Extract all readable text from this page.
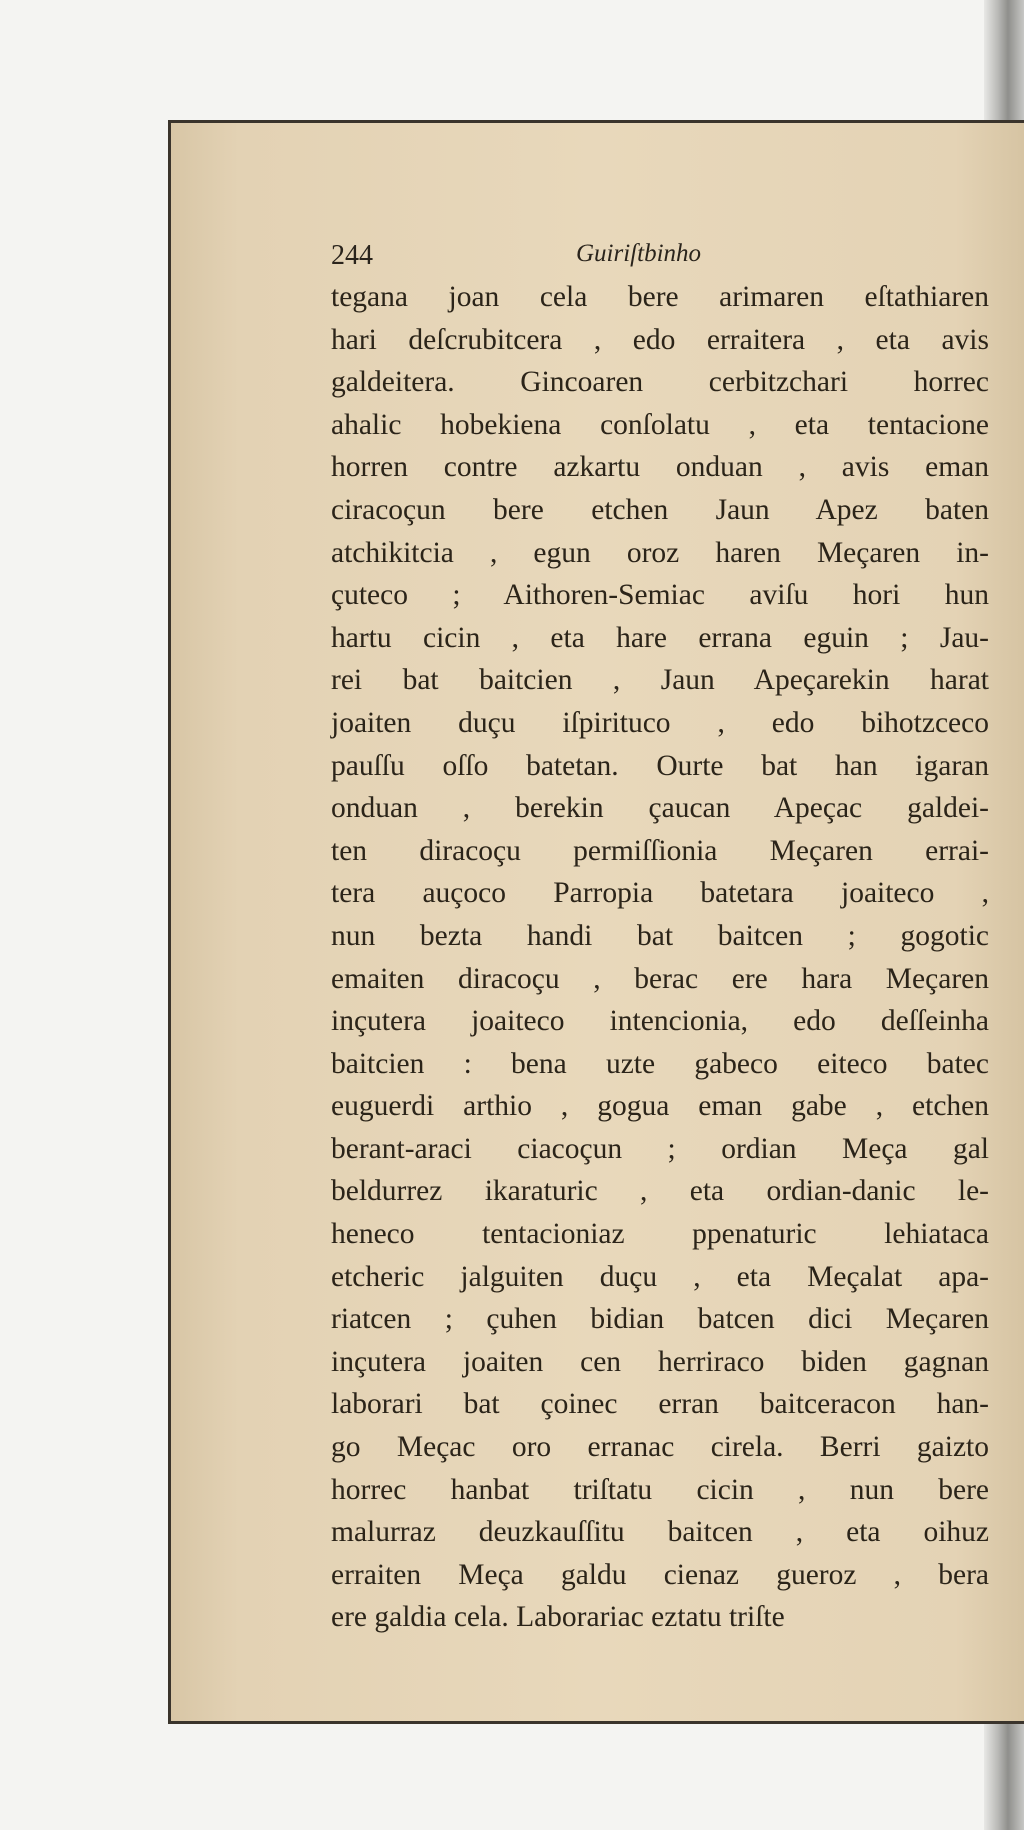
244	Guiriſtbinho
tegana joan cela bere arimaren eſtathiaren
hari deſcrubitcera , edo erraitera , eta avis
galdeitera. Gincoaren cerbitzchari horrec
ahalic hobekiena conſolatu , eta tentacione
horren contre azkartu onduan , avis eman
ciracoçun bere etchen Jaun Apez baten
atchikitcia , egun oroz haren Meçaren in-
çuteco ; Aithoren-Semiac aviſu hori hun
hartu cicin , eta hare errana eguin ; Jau-
rei bat baitcien , Jaun Apeçarekin harat
joaiten duçu iſpirituco , edo bihotzceco
pauſſu oſſo batetan. Ourte bat han igaran
onduan , berekin çaucan Apeçac galdei-
ten diracoçu permiſſionia Meçaren errai-
tera auçoco Parropia batetara joaiteco ,
nun bezta handi bat baitcen ; gogotic
emaiten diracoçu , berac ere hara Meçaren
inçutera joaiteco intencionia, edo deſſeinha
baitcien : bena uzte gabeco eiteco batec
euguerdi arthio , gogua eman gabe , etchen
berant-araci ciacoçun ; ordian Meça gal
beldurrez ikaraturic , eta ordian-danic le-
heneco tentacioniaz ppenaturic lehiataca
etcheric jalguiten duçu , eta Meçalat apa-
riatcen ; çuhen bidian batcen dici Meçaren
inçutera joaiten cen herriraco biden gagnan
laborari bat çoinec erran baitceracon han-
go Meçac oro erranac cirela. Berri gaizto
horrec hanbat triſtatu cicin , nun bere
malurraz deuzkauſſitu baitcen , eta oihuz
erraiten Meça galdu cienaz gueroz , bera
ere galdia cela. Laborariac eztatu triſte
